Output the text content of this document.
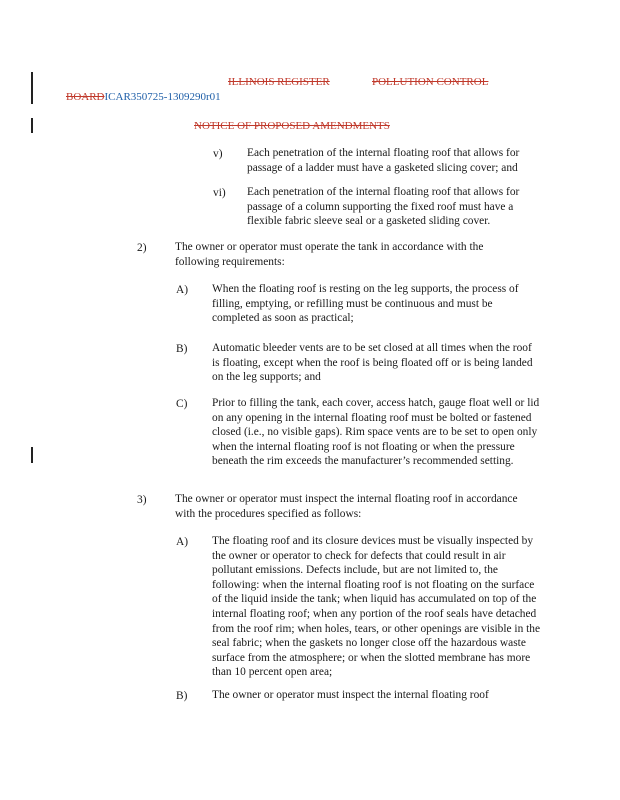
ILLINOIS REGISTER	POLLUTION CONTROL
BOARDICAR350725-1309290r01
NOTICE OF PROPOSED AMENDMENTS
v) Each penetration of the internal floating roof that allows for passage of a ladder must have a gasketed slicing cover; and

vi) Each penetration of the internal floating roof that allows for passage of a column supporting the fixed roof must have a flexible fabric sleeve seal or a gasketed sliding cover.

2)	The owner or operator must operate the tank in accordance with the following requirements:

A) When the floating roof is resting on the leg supports, the process of filling, emptying, or refilling must be continuous and must be completed as soon as practical;

B) Automatic bleeder vents are to be set closed at all times when the roof is floating, except when the roof is being floated off or is being landed on the leg supports; and

C) Prior to filling the tank, each cover, access hatch, gauge float well or lid on any opening in the internal floating roof must be bolted or fastened closed (i.e., no visible gaps). Rim space vents are to be set to open only when the internal floating roof is not floating or when the pressure beneath the rim exceeds the manufacturer’s recommended setting.

3)	The owner or operator must inspect the internal floating roof in accordance with the procedures specified as follows:

A) The floating roof and its closure devices must be visually inspected by the owner or operator to check for defects that could result in air pollutant emissions. Defects include, but are not limited to, the following: when the internal floating roof is not floating on the surface of the liquid inside the tank; when liquid has accumulated on top of the internal floating roof; when any portion of the roof seals have detached from the roof rim; when holes, tears, or other openings are visible in the seal fabric; when the gaskets no longer close off the hazardous waste surface from the atmosphere; or when the slotted membrane has more than 10 percent open area;

B) The owner or operator must inspect the internal floating roof
